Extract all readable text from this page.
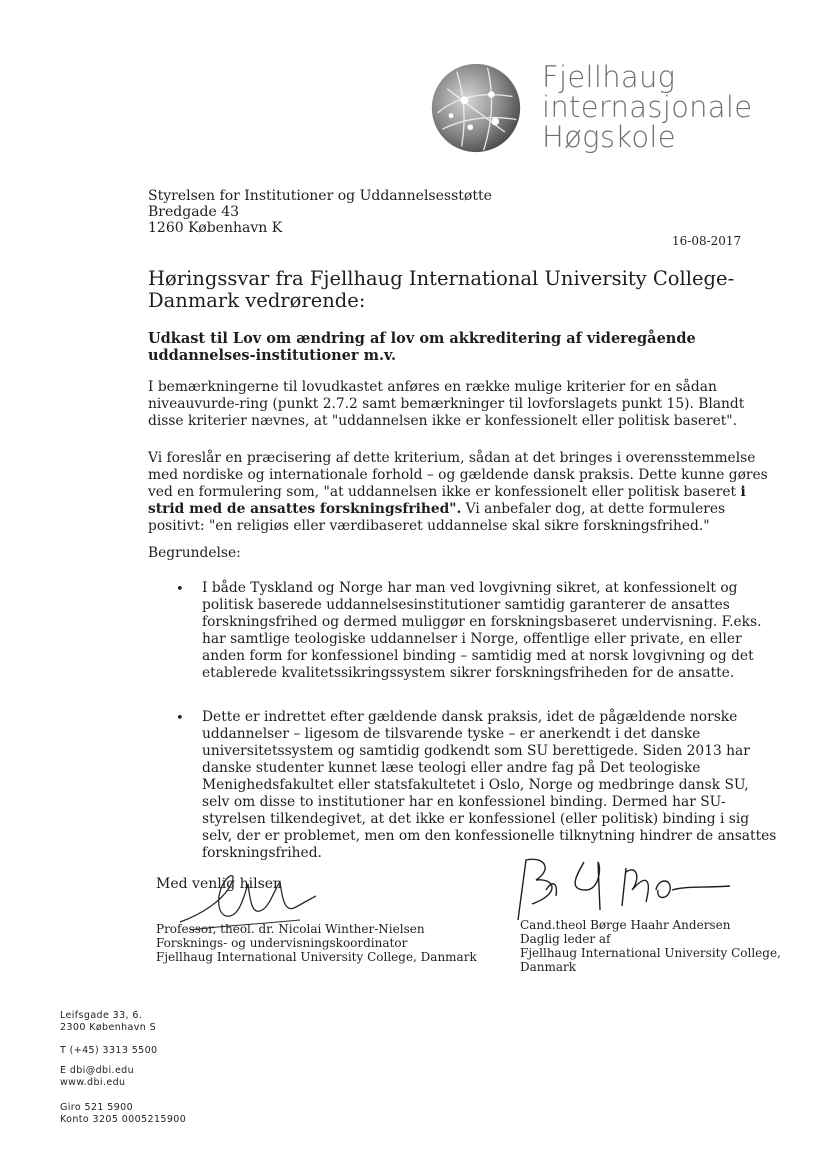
Fjellhaug
internasjonale
Høgskole
Styrelsen for Institutioner og Uddannelsesstøtte
Bredgade 43
1260 København K
16-08-2017
Høringssvar fra Fjellhaug International University College-Danmark vedrørende:
Udkast til Lov om ændring af lov om akkreditering af videregående uddannelses-institutioner m.v.
I bemærkningerne til lovudkastet anføres en række mulige kriterier for en sådan niveauvurde-ring (punkt 2.7.2 samt bemærkninger til lovforslagets punkt 15). Blandt disse kriterier nævnes, at "uddannelsen ikke er konfessionelt eller politisk baseret".
Vi foreslår en præcisering af dette kriterium, sådan at det bringes i overensstemmelse med nordiske og internationale forhold – og gældende dansk praksis. Dette kunne gøres ved en formulering som, "at uddannelsen ikke er konfessionelt eller politisk baseret i strid med de ansattes forskningsfrihed". Vi anbefaler dog, at dette formuleres positivt: "en religiøs eller værdibaseret uddannelse skal sikre forskningsfrihed."
Begrundelse:
• I både Tyskland og Norge har man ved lovgivning sikret, at konfessionelt og politisk baserede uddannelsesinstitutioner samtidig garanterer de ansattes forskningsfrihed og dermed muliggør en forskningsbaseret undervisning. F.eks. har samtlige teologiske uddannelser i Norge, offentlige eller private, en eller anden form for konfessionel binding – samtidig med at norsk lovgivning og det etablerede kvalitetssikringssystem sikrer forskningsfriheden for de ansatte.
• Dette er indrettet efter gældende dansk praksis, idet de pågældende norske uddannelser – ligesom de tilsvarende tyske – er anerkendt i det danske universitetssystem og samtidig godkendt som SU berettigede. Siden 2013 har danske studenter kunnet læse teologi eller andre fag på Det teologiske Menighedsfakultet eller statsfakultetet i Oslo, Norge og medbringe dansk SU, selv om disse to institutioner har en konfessionel binding. Dermed har SU-styrelsen tilkendegivet, at det ikke er konfessionel (eller politisk) binding i sig selv, der er problemet, men om den konfessionelle tilknytning hindrer de ansattes forskningsfrihed.
Med venlig hilsen
Professor, theol. dr. Nicolai Winther-Nielsen
Forsknings- og undervisningskoordinator
Fjellhaug International University College, Danmark
Cand.theol Børge Haahr Andersen
Daglig leder af
Fjellhaug International University College,
Danmark
Leifsgade 33, 6.
2300 København S
T (+45) 3313 5500
E dbi@dbi.edu
www.dbi.edu
Giro 521 5900
Konto 3205 0005215900
